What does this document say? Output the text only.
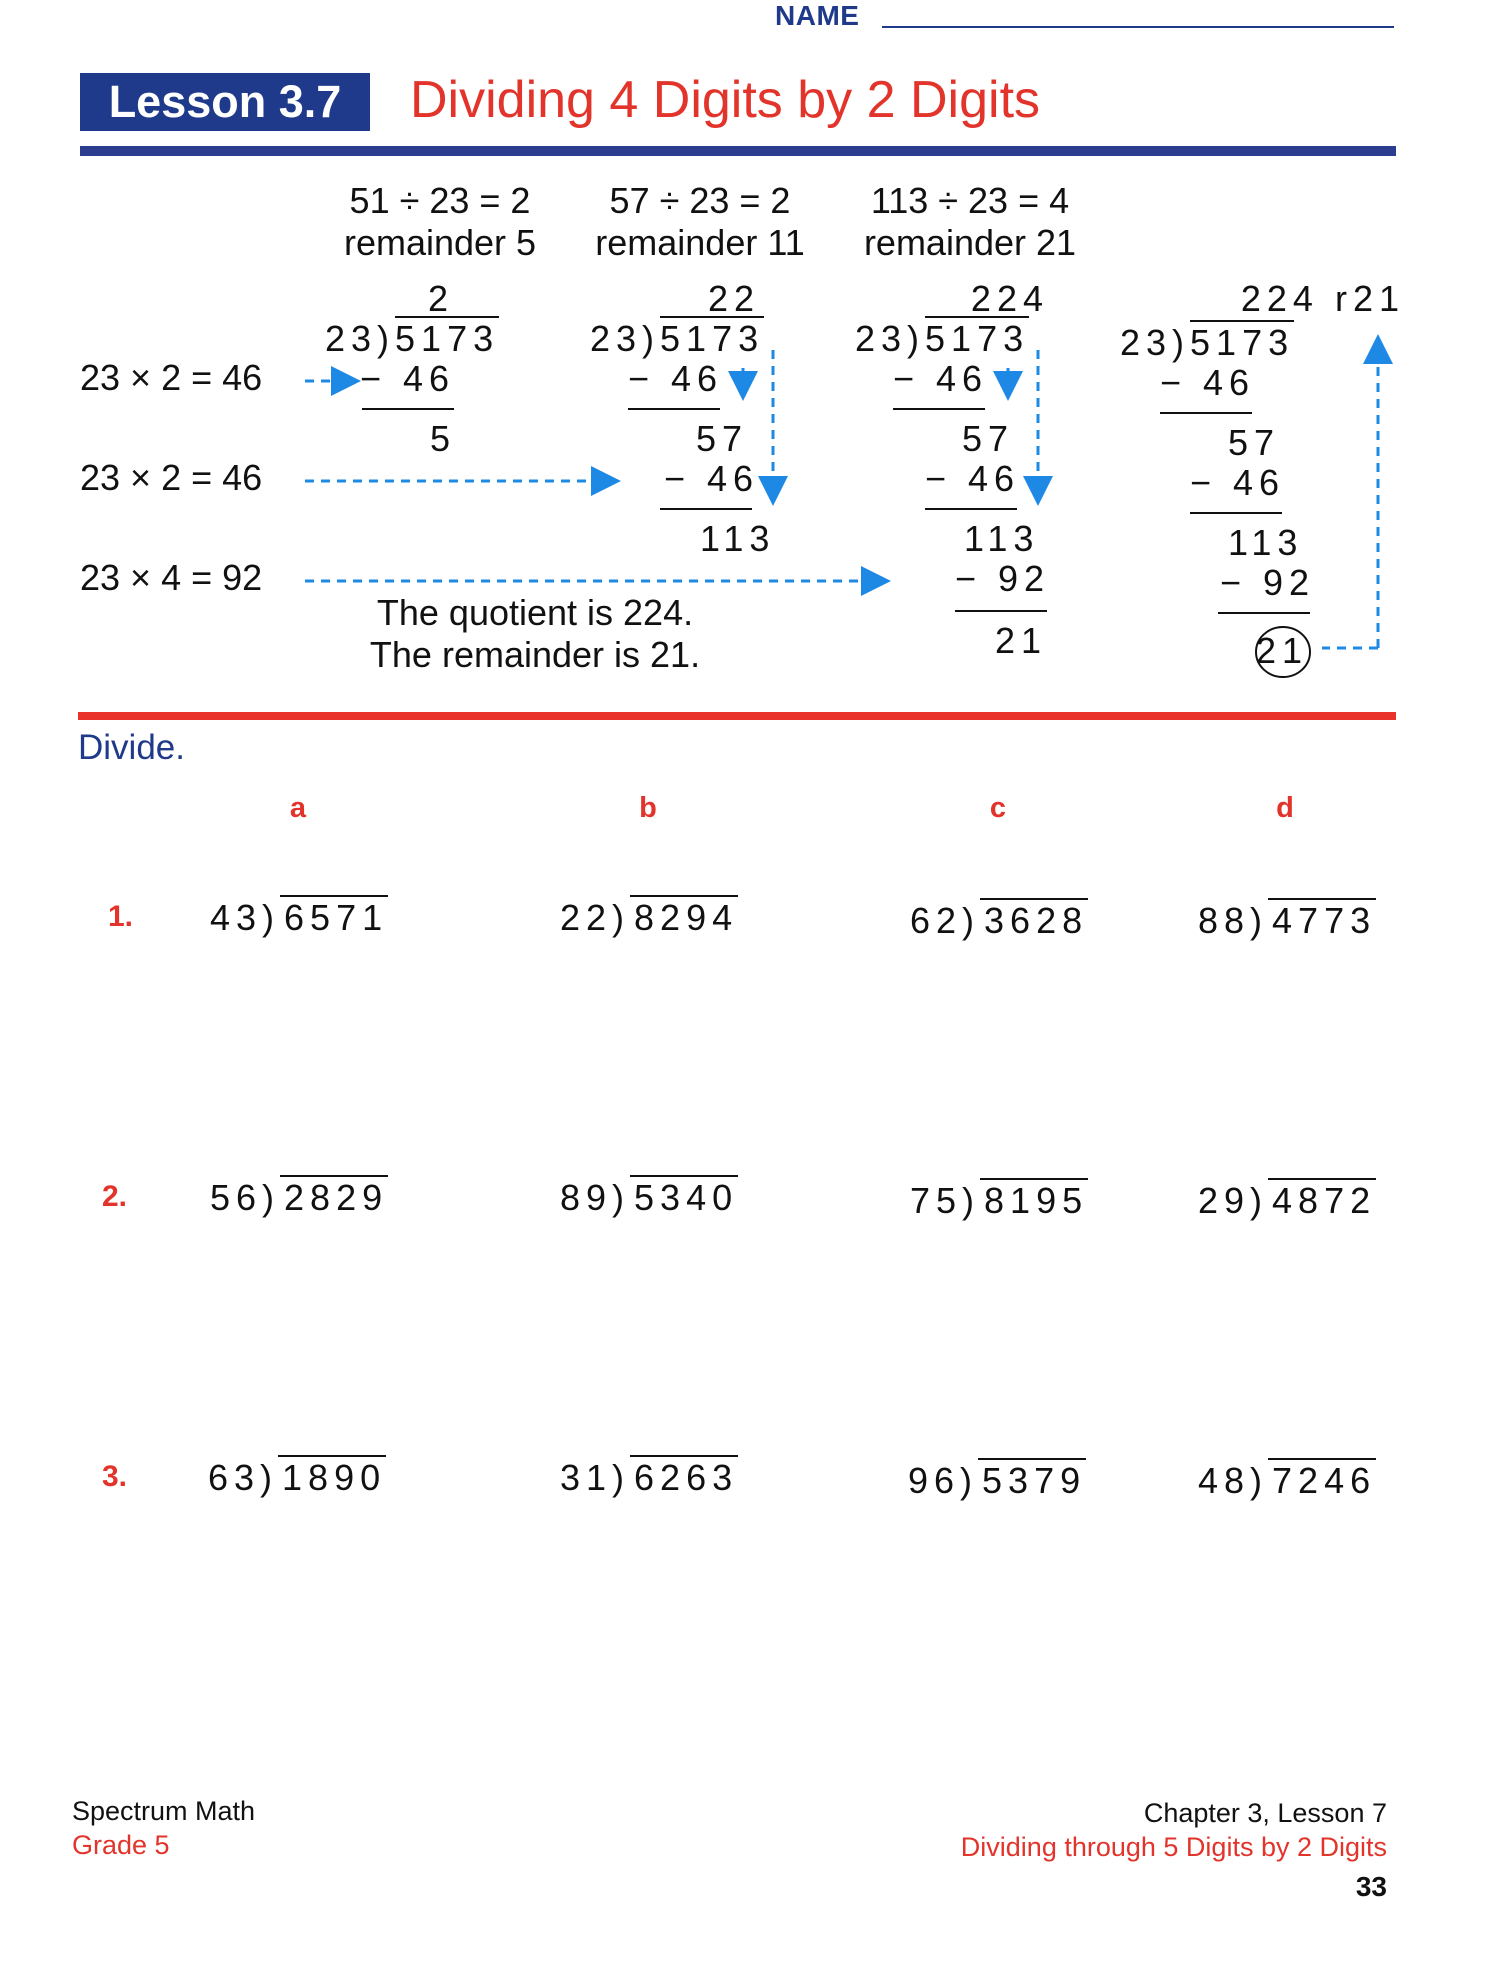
NAME
Lesson 3.7	Dividing 4 Digits by 2 Digits
51 ÷ 23 = 2
remainder 5
57 ÷ 23 = 2
remainder 11
113 ÷ 23 = 4
remainder 21
23 × 2 = 46
23 × 2 = 46
23 × 4 = 92
2
23)5173
− 46
5
22
23)5173
− 46
57
− 46
113
224
23)5173
− 46
57
− 46
113
− 92
21
224 r21
23)5173
− 46
57
− 46
113
− 92
21
The quotient is 224.
The remainder is 21.
Divide.
a	b	c	d
1. 43) 6571	22) 8294	62) 3628	88) 4773
2. 56) 2829	89) 5340	75) 8195	29) 4872
3. 63) 1890	31) 6263	96) 5379	48) 7246
Spectrum Math
Grade 5
Chapter 3, Lesson 7
Dividing through 5 Digits by 2 Digits
33
